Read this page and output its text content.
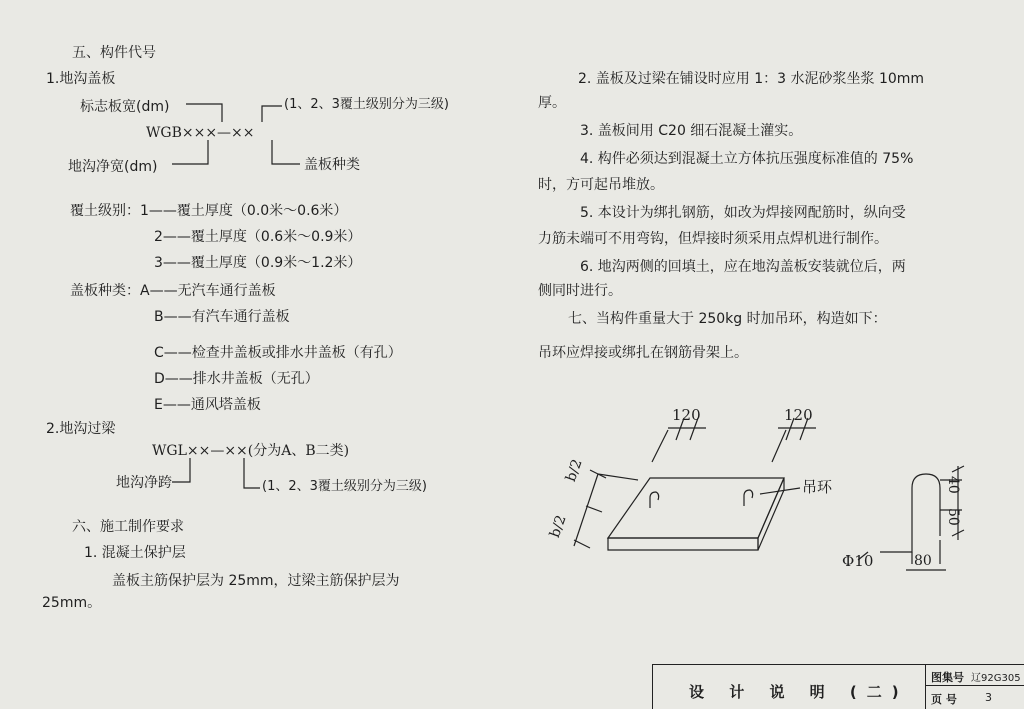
五、构件代号
1.地沟盖板
标志板宽(dm)	(1、2、3覆土级别分为三级)
WGB×××—××
地沟净宽(dm)	盖板种类
覆土级别：1——覆土厚度（0.0米～0.6米）
2——覆土厚度（0.6米～0.9米）
3——覆土厚度（0.9米～1.2米）
盖板种类：A——无汽车通行盖板
B——有汽车通行盖板
C——检查井盖板或排水井盖板（有孔）
D——排水井盖板（无孔）
E——通风塔盖板
2.地沟过梁
WGL××—××(分为A、B二类)
地沟净跨	(1、2、3覆土级别分为三级)
六、施工制作要求
1. 混凝土保护层
盖板主筋保护层为 25mm，过梁主筋保护层为
25mm。
2. 盖板及过梁在铺设时应用 1：3 水泥砂浆坐浆 10mm
厚。
3. 盖板间用 C20 细石混凝土灌实。
4. 构件必须达到混凝土立方体抗压强度标准值的 75%
时，方可起吊堆放。
5. 本设计为绑扎钢筋，如改为焊接网配筋时，纵向受
力筋未端可不用弯钩，但焊接时须采用点焊机进行制作。
6. 地沟两侧的回填土，应在地沟盖板安装就位后，两
侧同时进行。
七、当构件重量大于 250kg 时加吊环，构造如下：
吊环应焊接或绑扎在钢筋骨架上。
120	120
b/2
b/2
吊环
Φ10	80
40
50
设 计 说 明 (二)
图集号 辽92G305
页 号	3
